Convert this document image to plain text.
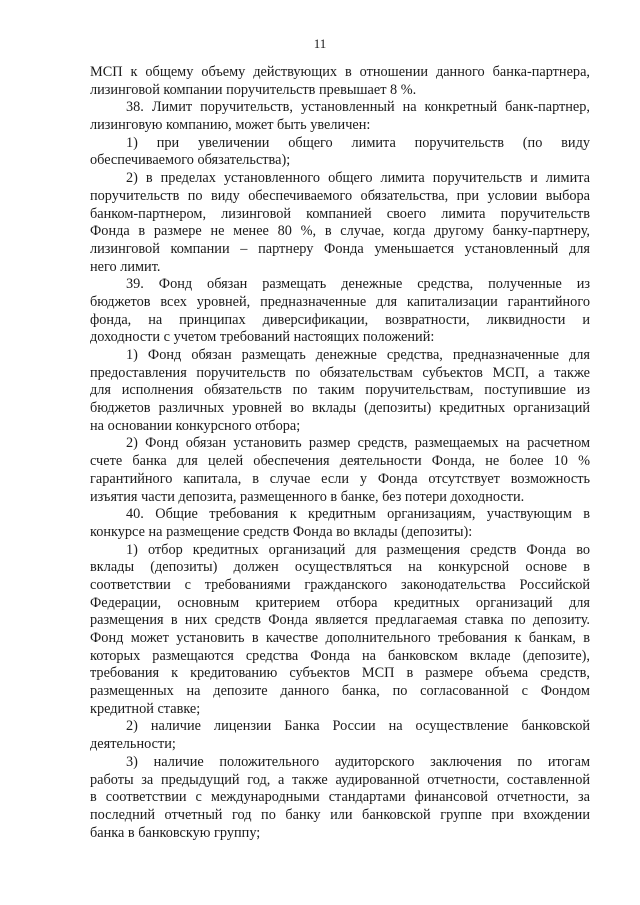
11
МСП к общему объему действующих в отношении данного банка-партнера,
лизинговой компании поручительств превышает 8 %.
38. Лимит поручительств, установленный на конкретный банк-партнер,
лизинговую компанию, может быть увеличен:
1) при увеличении общего лимита поручительств (по виду
обеспечиваемого обязательства);
2) в пределах установленного общего лимита поручительств и лимита
поручительств по виду обеспечиваемого обязательства, при условии выбора
банком-партнером, лизинговой компанией своего лимита поручительств
Фонда в размере не менее 80 %, в случае, когда другому банку-партнеру,
лизинговой компании – партнеру Фонда уменьшается установленный для
него лимит.
39. Фонд обязан размещать денежные средства, полученные из
бюджетов всех уровней, предназначенные для капитализации гарантийного
фонда, на принципах диверсификации, возвратности, ликвидности и
доходности с учетом требований настоящих положений:
1) Фонд обязан размещать денежные средства, предназначенные для
предоставления поручительств по обязательствам субъектов МСП, а также
для исполнения обязательств по таким поручительствам, поступившие из
бюджетов различных уровней во вклады (депозиты) кредитных организаций
на основании конкурсного отбора;
2) Фонд обязан установить размер средств, размещаемых на расчетном
счете банка для целей обеспечения деятельности Фонда, не более 10 %
гарантийного капитала, в случае если у Фонда отсутствует возможность
изъятия части депозита, размещенного в банке, без потери доходности.
40. Общие требования к кредитным организациям, участвующим в
конкурсе на размещение средств Фонда во вклады (депозиты):
1) отбор кредитных организаций для размещения средств Фонда во
вклады (депозиты) должен осуществляться на конкурсной основе в
соответствии с требованиями гражданского законодательства Российской
Федерации, основным критерием отбора кредитных организаций для
размещения в них средств Фонда является предлагаемая ставка по депозиту.
Фонд может установить в качестве дополнительного требования к банкам, в
которых размещаются средства Фонда на банковском вкладе (депозите),
требования к кредитованию субъектов МСП в размере объема средств,
размещенных на депозите данного банка, по согласованной с Фондом
кредитной ставке;
2) наличие лицензии Банка России на осуществление банковской
деятельности;
3) наличие положительного аудиторского заключения по итогам
работы за предыдущий год, а также аудированной отчетности, составленной
в соответствии с международными стандартами финансовой отчетности, за
последний отчетный год по банку или банковской группе при вхождении
банка в банковскую группу;
